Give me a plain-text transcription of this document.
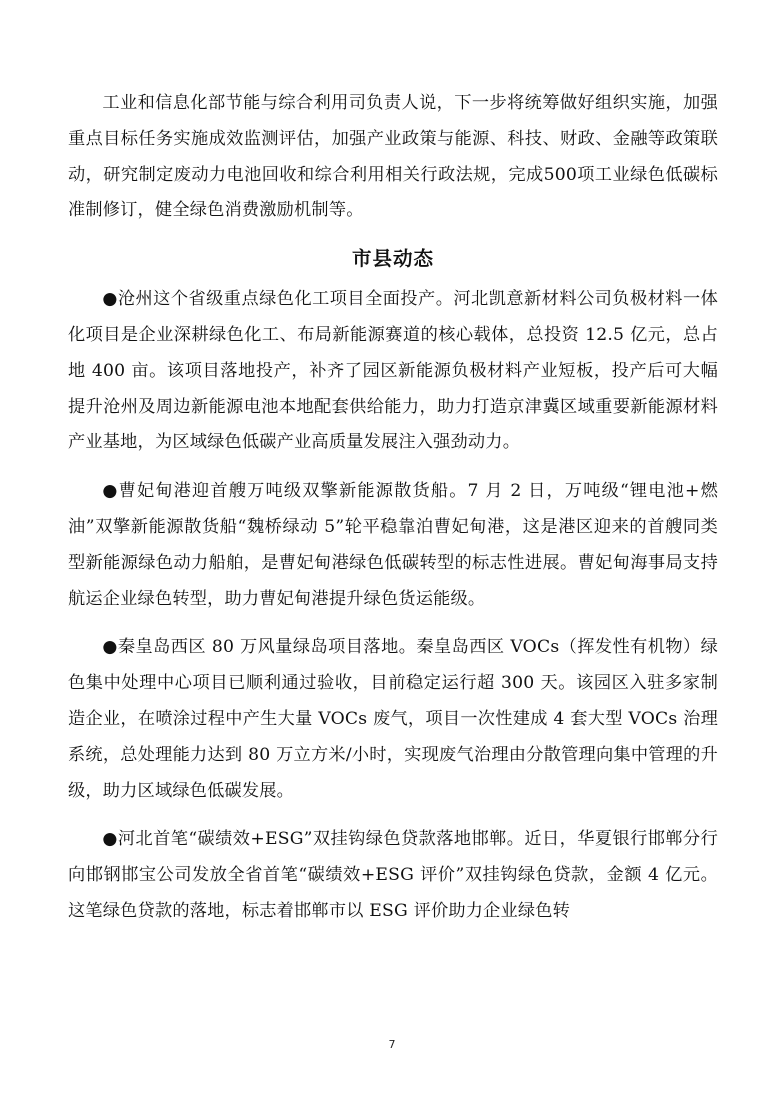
工业和信息化部节能与综合利用司负责人说，下一步将统筹做好组织实施，加强重点目标任务实施成效监测评估，加强产业政策与能源、科技、财政、金融等政策联动，研究制定废动力电池回收和综合利用相关行政法规，完成500项工业绿色低碳标准制修订，健全绿色消费激励机制等。

市县动态

●沧州这个省级重点绿色化工项目全面投产。河北凯意新材料公司负极材料一体化项目是企业深耕绿色化工、布局新能源赛道的核心载体，总投资 12.5 亿元，总占地 400 亩。该项目落地投产，补齐了园区新能源负极材料产业短板，投产后可大幅提升沧州及周边新能源电池本地配套供给能力，助力打造京津冀区域重要新能源材料产业基地，为区域绿色低碳产业高质量发展注入强劲动力。

●曹妃甸港迎首艘万吨级双擎新能源散货船。7 月 2 日，万吨级“锂电池+燃油”双擎新能源散货船“魏桥绿动 5”轮平稳靠泊曹妃甸港，这是港区迎来的首艘同类型新能源绿色动力船舶，是曹妃甸港绿色低碳转型的标志性进展。曹妃甸海事局支持航运企业绿色转型，助力曹妃甸港提升绿色货运能级。

●秦皇岛西区 80 万风量绿岛项目落地。秦皇岛西区 VOCs（挥发性有机物）绿色集中处理中心项目已顺利通过验收，目前稳定运行超 300 天。该园区入驻多家制造企业，在喷涂过程中产生大量 VOCs 废气，项目一次性建成 4 套大型 VOCs 治理系统，总处理能力达到 80 万立方米/小时，实现废气治理由分散管理向集中管理的升级，助力区域绿色低碳发展。

●河北首笔“碳绩效+ESG”双挂钩绿色贷款落地邯郸。近日，华夏银行邯郸分行向邯钢邯宝公司发放全省首笔“碳绩效+ESG 评价”双挂钩绿色贷款，金额 4 亿元。这笔绿色贷款的落地，标志着邯郸市以 ESG 评价助力企业绿色转

7
